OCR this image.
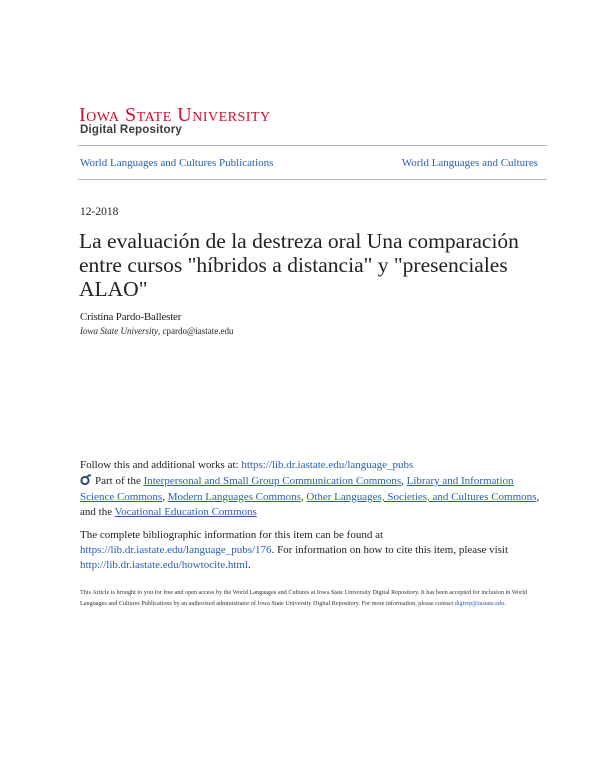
Iowa State University
Digital Repository
World Languages and Cultures Publications	World Languages and Cultures
12-2018
La evaluación de la destreza oral Una comparación entre cursos "híbridos a distancia" y "presenciales ALAO"
Cristina Pardo-Ballester
Iowa State University, cpardo@iastate.edu
Follow this and additional works at: https://lib.dr.iastate.edu/language_pubs
Part of the Interpersonal and Small Group Communication Commons, Library and Information Science Commons, Modern Languages Commons, Other Languages, Societies, and Cultures Commons, and the Vocational Education Commons
The complete bibliographic information for this item can be found at https://lib.dr.iastate.edu/language_pubs/176. For information on how to cite this item, please visit http://lib.dr.iastate.edu/howtocite.html.
This Article is brought to you for free and open access by the World Languages and Cultures at Iowa State University Digital Repository. It has been accepted for inclusion in World Languages and Cultures Publications by an authorized administrator of Iowa State University Digital Repository. For more information, please contact digirep@iastate.edu.
